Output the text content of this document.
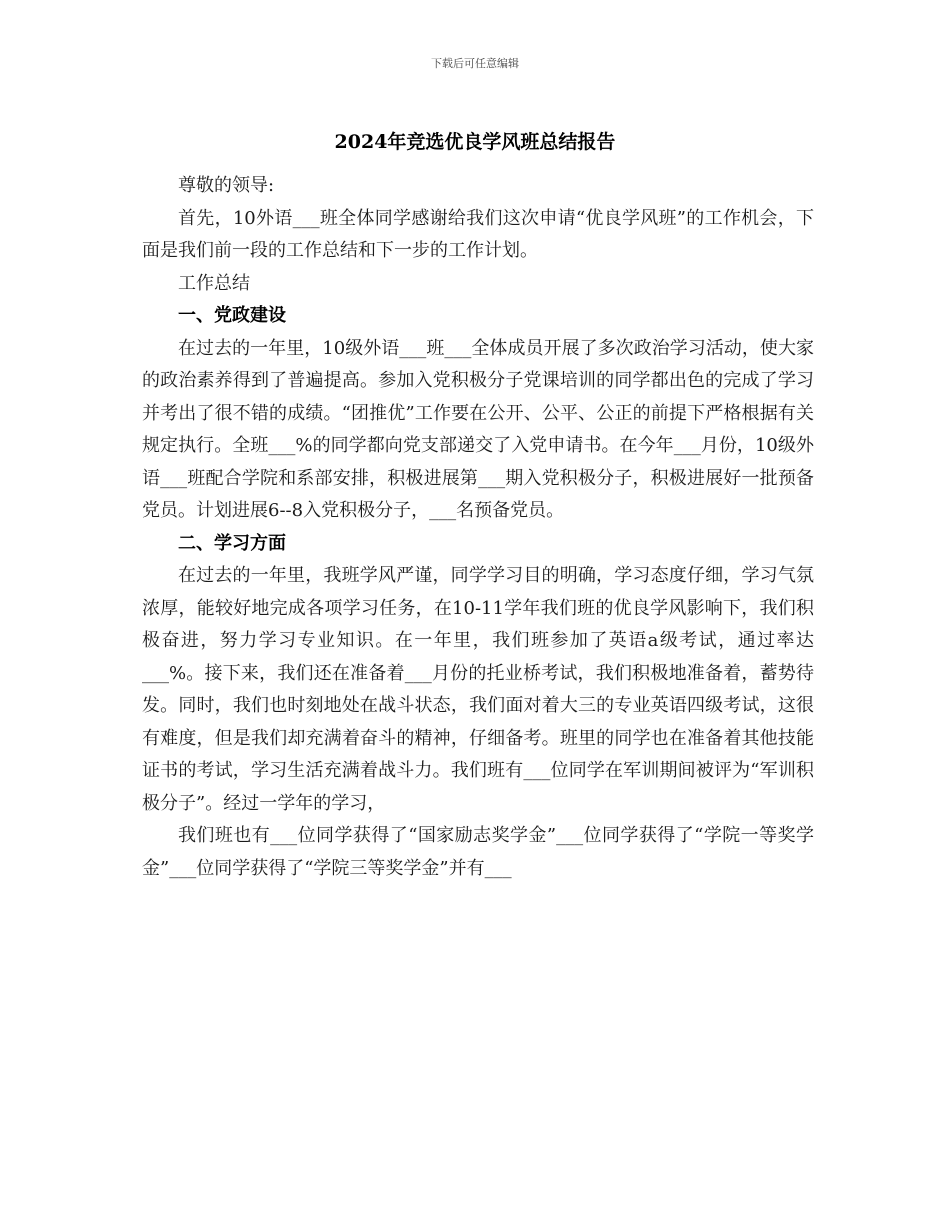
下载后可任意编辑
2024年竞选优良学风班总结报告

尊敬的领导:

首先，10外语___班全体同学感谢给我们这次申请“优良学风班”的工作机会，下面是我们前一段的工作总结和下一步的工作计划。

工作总结

一、党政建设

在过去的一年里，10级外语___班___全体成员开展了多次政治学习活动，使大家的政治素养得到了普遍提高。参加入党积极分子党课培训的同学都出色的完成了学习并考出了很不错的成绩。“团推优”工作要在公开、公平、公正的前提下严格根据有关规定执行。全班___%的同学都向党支部递交了入党申请书。在今年___月份，10级外语___班配合学院和系部安排，积极进展第___期入党积极分子，积极进展好一批预备党员。计划进展6--8入党积极分子，___名预备党员。

二、学习方面

在过去的一年里，我班学风严谨，同学学习目的明确，学习态度仔细，学习气氛浓厚，能较好地完成各项学习任务，在10-11学年我们班的优良学风影响下，我们积极奋进，努力学习专业知识。在一年里，我们班参加了英语a级考试，通过率达___%。接下来，我们还在准备着___月份的托业桥考试，我们积极地准备着，蓄势待发。同时，我们也时刻地处在战斗状态，我们面对着大三的专业英语四级考试，这很有难度，但是我们却充满着奋斗的精神，仔细备考。班里的同学也在准备着其他技能证书的考试，学习生活充满着战斗力。我们班有___位同学在军训期间被评为“军训积极分子”。经过一学年的学习，

我们班也有___位同学获得了“国家励志奖学金”___位同学获得了“学院一等奖学金”___位同学获得了“学院三等奖学金”并有___
